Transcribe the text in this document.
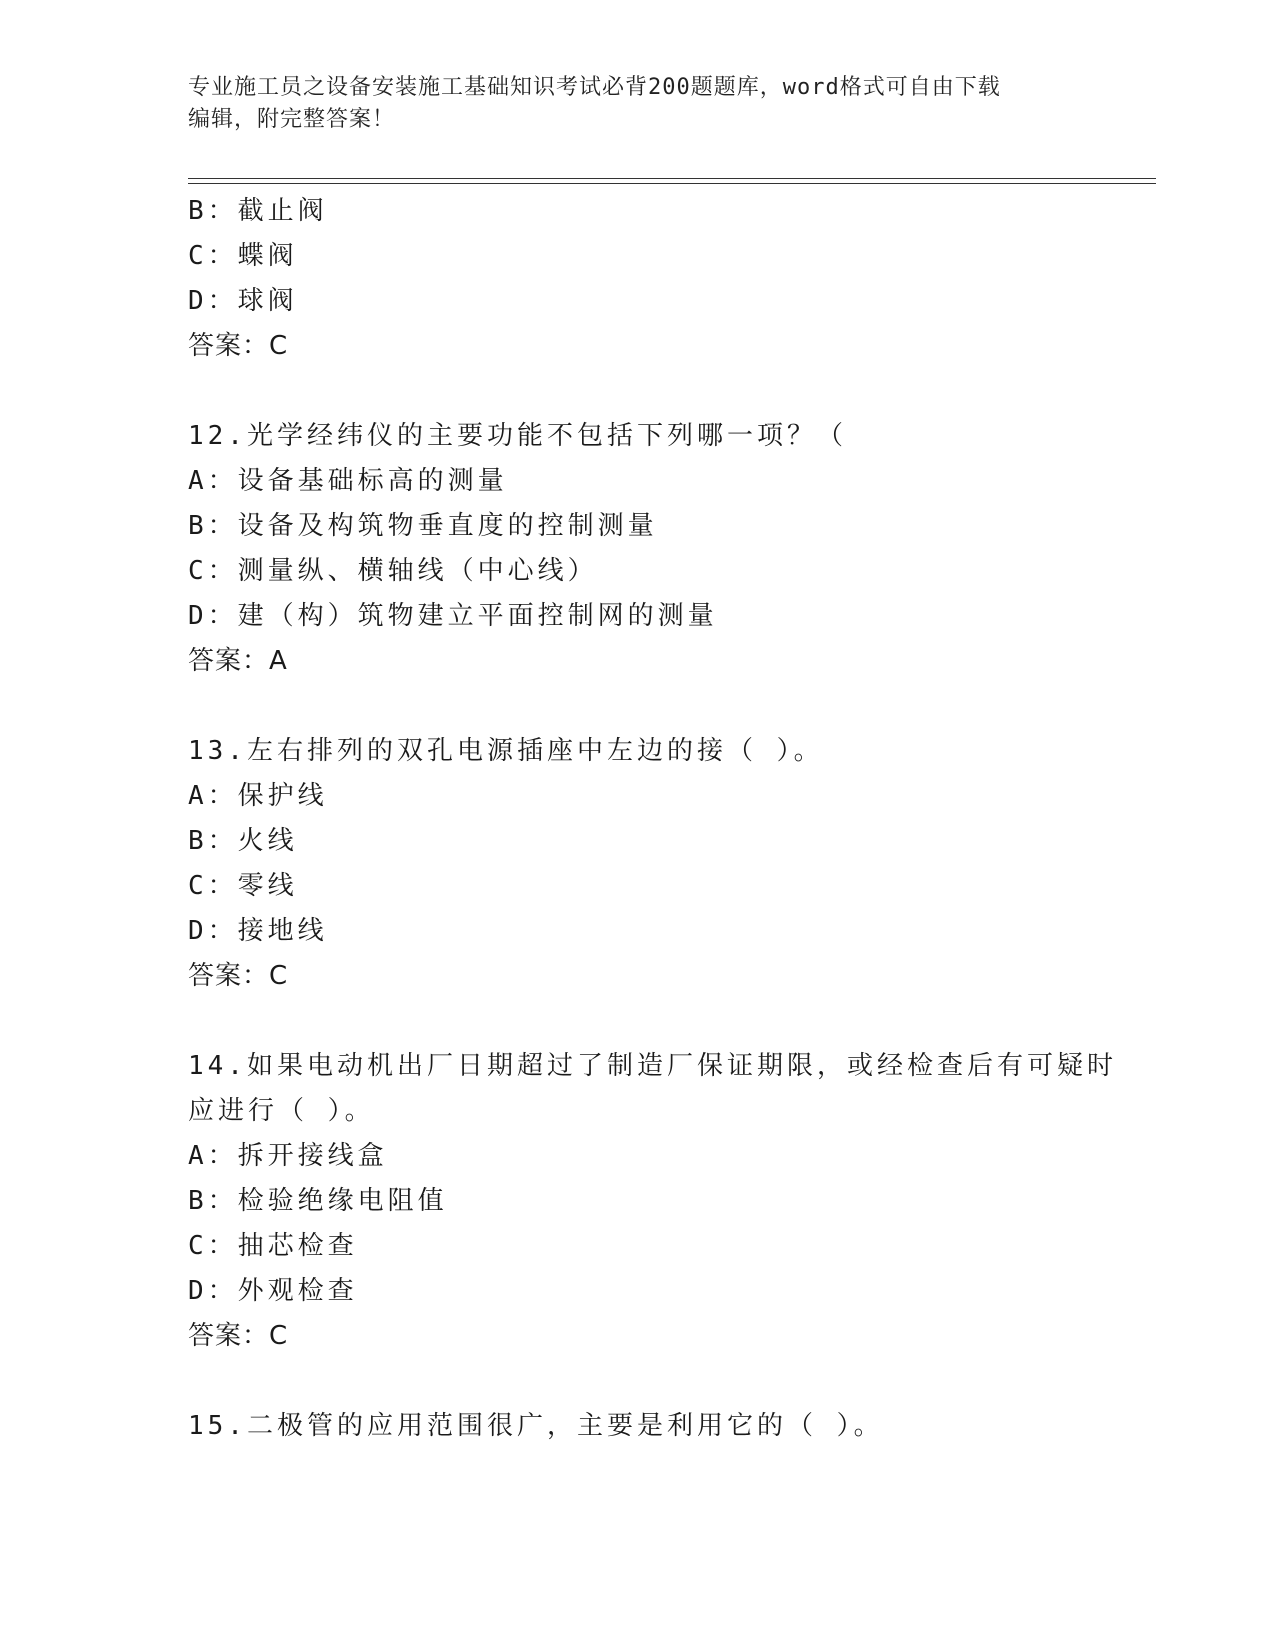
专业施工员之设备安装施工基础知识考试必背200题题库，word格式可自由下载
编辑，附完整答案！
B：截止阀
C：蝶阀
D：球阀
答案：C
12.光学经纬仪的主要功能不包括下列哪一项？（
A：设备基础标高的测量
B：设备及构筑物垂直度的控制测量
C：测量纵、横轴线（中心线）
D：建（构）筑物建立平面控制网的测量
答案：A
13.左右排列的双孔电源插座中左边的接（ ）。
A：保护线
B：火线
C：零线
D：接地线
答案：C
14.如果电动机出厂日期超过了制造厂保证期限，或经检查后有可疑时
应进行（ ）。
A：拆开接线盒
B：检验绝缘电阻值
C：抽芯检查
D：外观检查
答案：C
15.二极管的应用范围很广，主要是利用它的（ ）。
